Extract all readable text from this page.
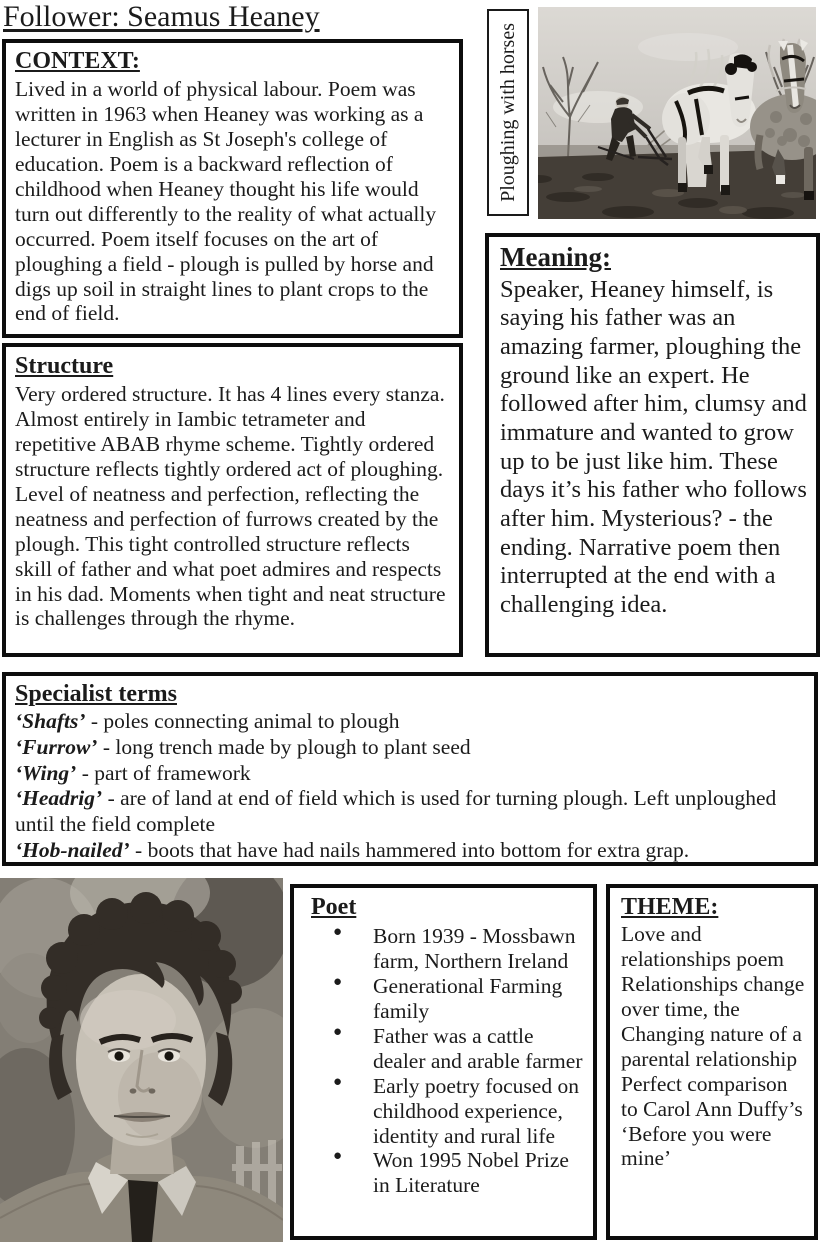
Follower: Seamus Heaney

CONTEXT:

Lived in a world of physical labour. Poem was written in 1963 when Heaney was working as a lecturer in English as St Joseph's college of education. Poem is a backward reflection of childhood when Heaney thought his life would turn out differently to the reality of what actually occurred. Poem itself focuses on the art of ploughing a field - plough is pulled by horse and digs up soil in straight lines to plant crops to the end of field.

Ploughing with horses

Meaning:

Speaker, Heaney himself, is saying his father was an amazing farmer, ploughing the ground like an expert. He followed after him, clumsy and immature and wanted to grow up to be just like him. These days it’s his father who follows after him. Mysterious? - the ending. Narrative poem then interrupted at the end with a challenging idea.

Structure

Very ordered structure. It has 4 lines every stanza. Almost entirely in Iambic tetrameter and repetitive ABAB rhyme scheme. Tightly ordered structure reflects tightly ordered act of ploughing. Level of neatness and perfection, reflecting the neatness and perfection of furrows created by the plough. This tight controlled structure reflects skill of father and what poet admires and respects in his dad. Moments when tight and neat structure is challenges through the rhyme.

Specialist terms

‘Shafts’ - poles connecting animal to plough
‘Furrow’ - long trench made by plough to plant seed
‘Wing’ - part of framework
‘Headrig’ - are of land at end of field which is used for turning plough. Left unploughed until the field complete
‘Hob-nailed’ - boots that have had nails hammered into bottom for extra grap.

Poet

● Born 1939 - Mossbawn farm, Northern Ireland
● Generational Farming family
● Father was a cattle dealer and arable farmer
● Early poetry focused on childhood experience, identity and rural life
● Won 1995 Nobel Prize in Literature

THEME:

Love and relationships poem

Relationships change over time, the Changing nature of a parental relationship

Perfect comparison to Carol Ann Duffy’s ‘Before you were mine’
